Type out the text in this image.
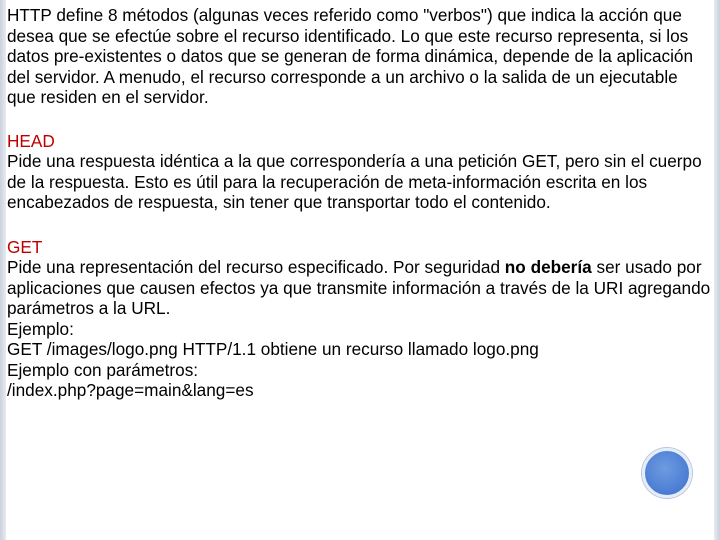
HTTP define 8 métodos (algunas veces referido como "verbos") que indica la acción que desea que se efectúe sobre el recurso identificado. Lo que este recurso representa, si los datos pre-existentes o datos que se generan de forma dinámica, depende de la aplicación del servidor. A menudo, el recurso corresponde a un archivo o la salida de un ejecutable que residen en el servidor.

HEAD

Pide una respuesta idéntica a la que correspondería a una petición GET, pero sin el cuerpo de la respuesta. Esto es útil para la recuperación de meta-información escrita en los encabezados de respuesta, sin tener que transportar todo el contenido.

GET

Pide una representación del recurso especificado. Por seguridad no debería ser usado por aplicaciones que causen efectos ya que transmite información a través de la URI agregando parámetros a la URL.

Ejemplo:
GET /images/logo.png HTTP/1.1 obtiene un recurso llamado logo.png
Ejemplo con parámetros:
/index.php?page=main&lang=es
